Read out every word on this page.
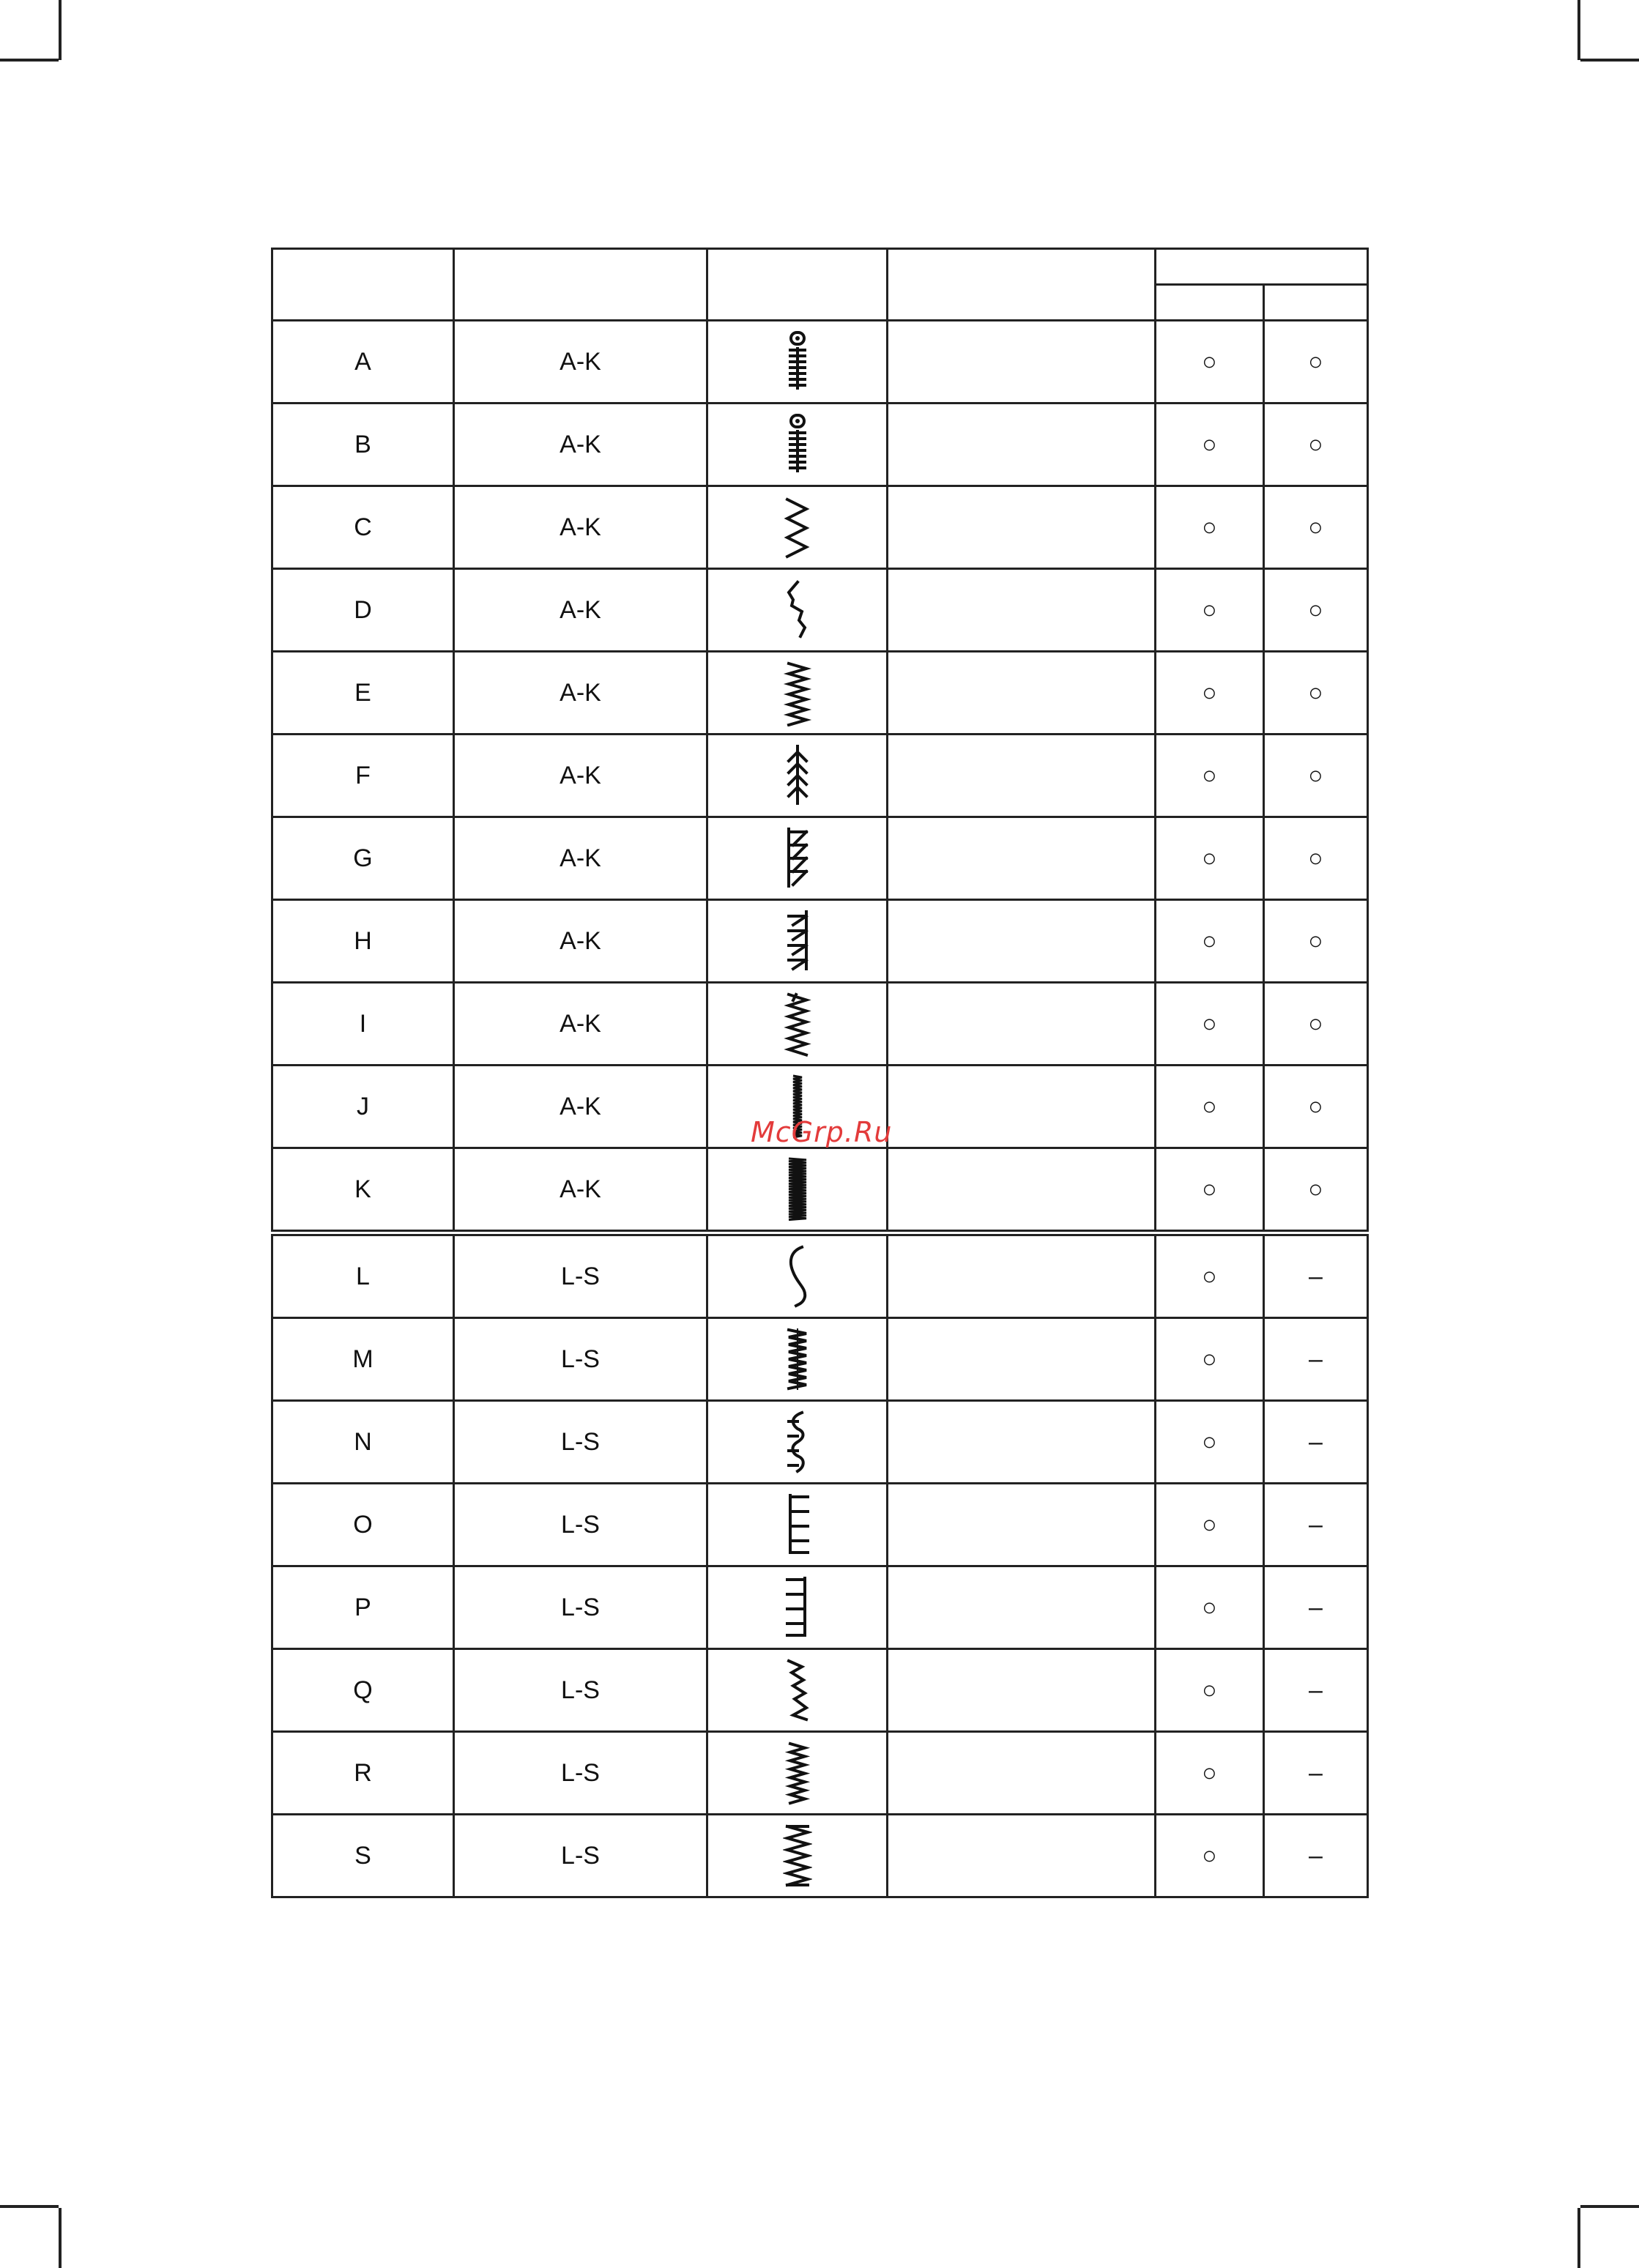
A	A-K			○	○
B	A-K			○	○
C	A-K			○	○
D	A-K			○	○
E	A-K			○	○
F	A-K			○	○
G	A-K			○	○
H	A-K			○	○
I	A-K			○	○
J	A-K			○	○
K	A-K			○	○
L	L-S			○	–
M	L-S			○	–
N	L-S			○	–
O	L-S			○	–
P	L-S			○	–
Q	L-S			○	–
R	L-S			○	–
S	L-S			○	–
McGrp.Ru
